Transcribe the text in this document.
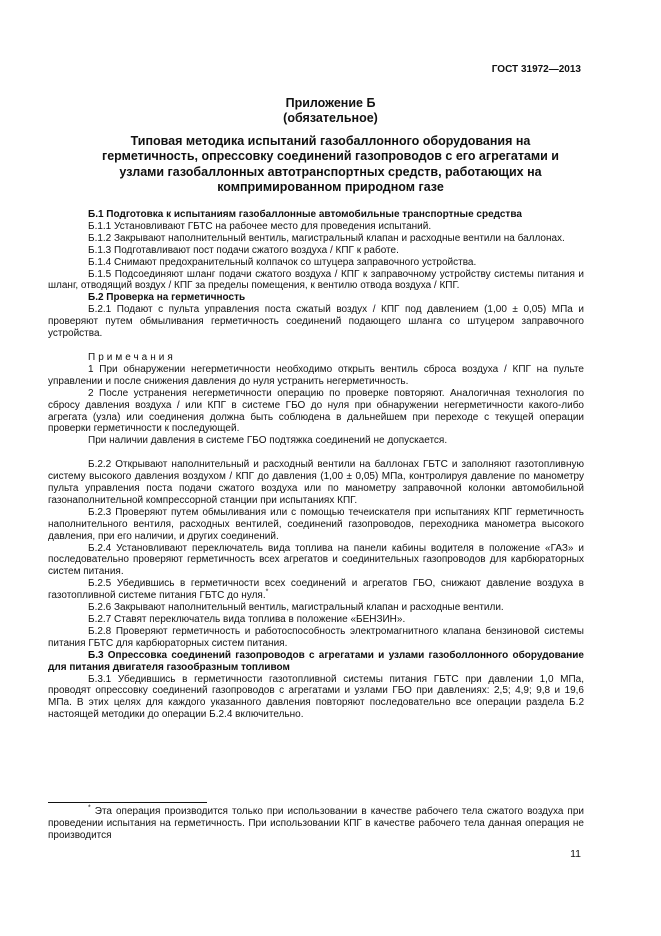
ГОСТ 31972—2013
Приложение Б
(обязательное)
Типовая методика испытаний газобаллонного оборудования на
герметичность, опрессовку соединений газопроводов с его агрегатами и
узлами газобаллонных автотранспортных средств, работающих на
компримированном природном газе

Б.1 Подготовка к испытаниям газобаллонные автомобильные транспортные средства

Б.1.1 Установливают ГБТС на рабочее место для проведения испытаний.

Б.1.2 Закрывают наполнительный вентиль, магистральный клапан и расходные вентили на баллонах.

Б.1.3 Подготавливают пост подачи сжатого воздуха / КПГ к работе.

Б.1.4 Снимают предохранительный колпачок со штуцера заправочного устройства.

Б.1.5 Подсоединяют шланг подачи сжатого воздуха / КПГ к заправочному устройству системы питания и шланг, отводящий воздух / КПГ за пределы помещения, к вентилю отвода воздуха / КПГ.

Б.2 Проверка на герметичность

Б.2.1 Подают с пульта управления поста сжатый воздух / КПГ под давлением (1,00 ± 0,05) МПа и проверяют путем обмыливания герметичность соединений подающего шланга со штуцером заправочного устройства.

Примечания

1 При обнаружении негерметичности необходимо открыть вентиль сброса воздуха / КПГ на пульте управлении и после снижения давления до нуля устранить негерметичность.

2 После устранения негерметичности операцию по проверке повторяют. Аналогичная технология по сбросу давления воздуха / или КПГ в системе ГБО до нуля при обнаружении негерметичности какого-либо агрегата (узла) или соединения должна быть соблюдена в дальнейшем при переходе с текущей операции проверки герметичности к последующей.

При наличии давления в системе ГБО подтяжка соединений не допускается.

Б.2.2 Открывают наполнительный и расходный вентили на баллонах ГБТС и заполняют газотопливную систему высокого давления воздухом / КПГ до давления (1,00 ± 0,05) МПа, контролируя давление по манометру пульта управления поста подачи сжатого воздуха или по манометру заправочной колонки автомобильной газонаполнительной компрессорной станции при испытаниях КПГ.

Б.2.3 Проверяют путем обмыливания или с помощью течеискателя при испытаниях КПГ герметичность наполнительного вентиля, расходных вентилей, соединений газопроводов, переходника манометра высокого давления, при его наличии, и других соединений.

Б.2.4 Установливают переключатель вида топлива на панели кабины водителя в положение «ГАЗ» и последовательно проверяют герметичность всех агрегатов и соединительных газопроводов для карбюраторных систем питания.

Б.2.5 Убедившись в герметичности всех соединений и агрегатов ГБО, снижают давление воздуха в газотопливной системе питания ГБТС до нуля.*

Б.2.6 Закрывают наполнительный вентиль, магистральный клапан и расходные вентили.

Б.2.7 Ставят переключатель вида топлива в положение «БЕНЗИН».

Б.2.8 Проверяют герметичность и работоспособность электромагнитного клапана бензиновой системы питания ГБТС для карбюраторных систем питания.

Б.3 Опрессовка соединений газопроводов с агрегатами и узлами газоболлонного оборудование для питания двигателя газообразным топливом

Б.3.1 Убедившись в герметичности газотопливной системы питания ГБТС при давлении 1,0 МПа, проводят опрессовку соединений газопроводов с агрегатами и узлами ГБО при давлениях: 2,5; 4,9; 9,8 и 19,6 МПа. В этих целях для каждого указанного давления повторяют последовательно все операции раздела Б.2 настоящей методики до операции Б.2.4 включительно.

* Эта операция производится только при использовании в качестве рабочего тела сжатого воздуха при проведении испытания на герметичность. При использовании КПГ в качестве рабочего тела данная операция не производится

11
